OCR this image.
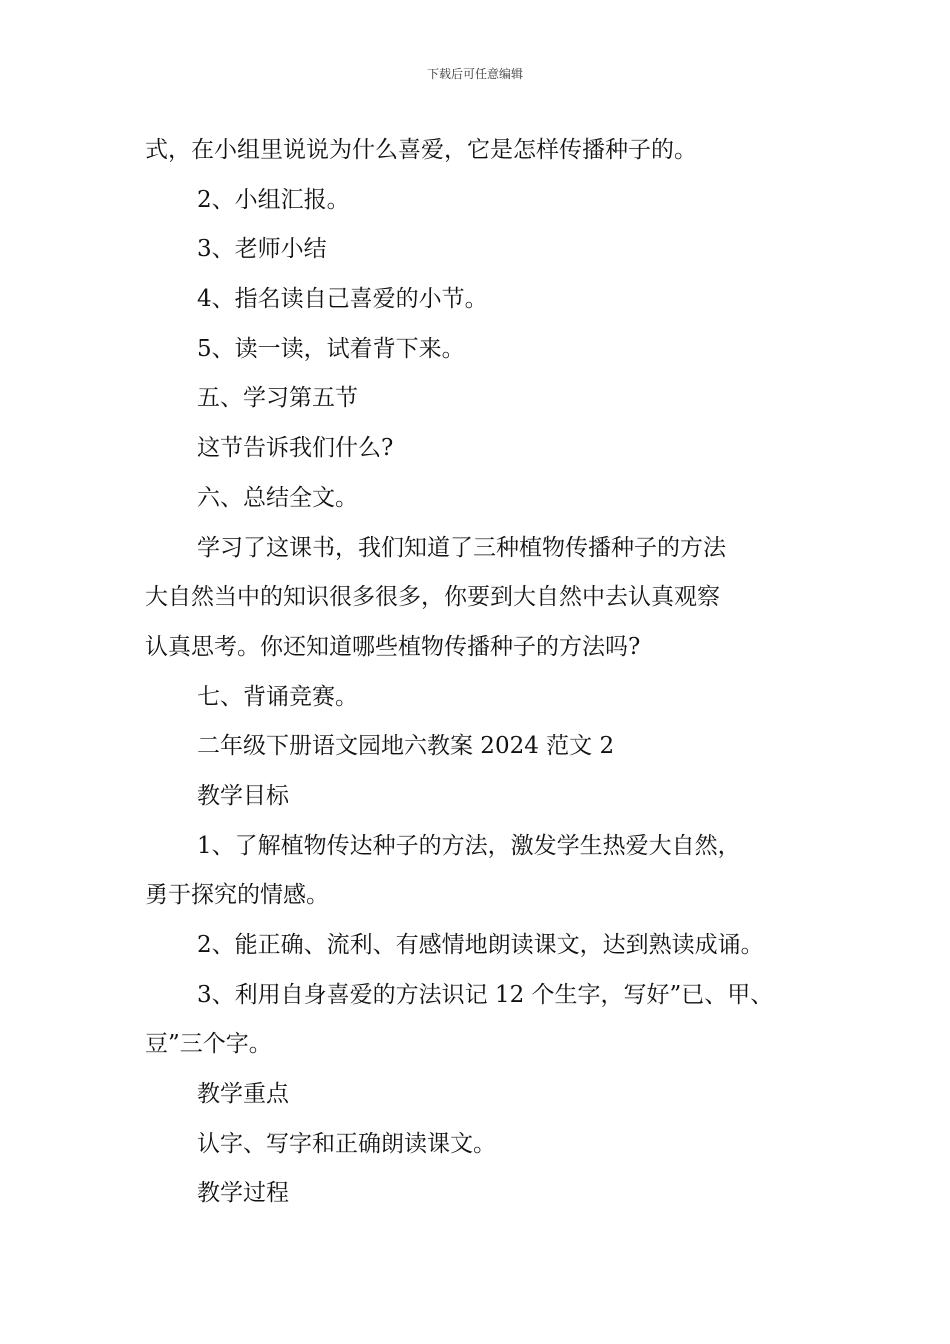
下载后可任意编辑
式，在小组里说说为什么喜爱，它是怎样传播种子的。
2、小组汇报。
3、老师小结
4、指名读自己喜爱的小节。
5、读一读，试着背下来。
五、学习第五节
这节告诉我们什么?
六、总结全文。
学习了这课书，我们知道了三种植物传播种子的方法
大自然当中的知识很多很多，你要到大自然中去认真观察
认真思考。你还知道哪些植物传播种子的方法吗?
七、背诵竞赛。
二年级下册语文园地六教案 2024 范文 2
教学目标
1、了解植物传达种子的方法，激发学生热爱大自然，
勇于探究的情感。
2、能正确、流利、有感情地朗读课文，达到熟读成诵。
3、利用自身喜爱的方法识记 12 个生字，写好”已、甲、
豆”三个字。
教学重点
认字、写字和正确朗读课文。
教学过程
